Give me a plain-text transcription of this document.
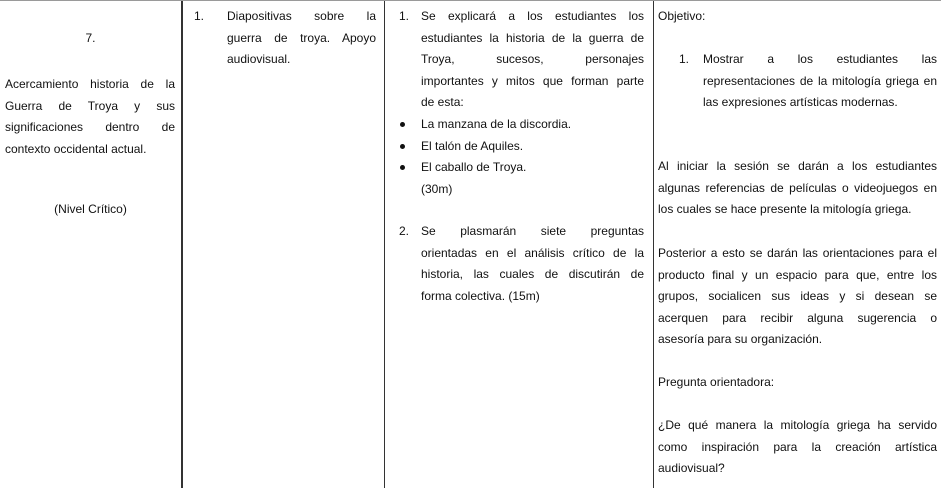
7.
Acercamiento historia de la
Guerra de Troya y sus
significaciones dentro de
contexto occidental actual.
(Nivel Crítico)
1. Diapositivas sobre la
guerra de troya. Apoyo
audiovisual.
1. Se explicará a los estudiantes los
estudiantes la historia de la guerra de
Troya, sucesos, personajes
importantes y mitos que forman parte
de esta:
La manzana de la discordia.
El talón de Aquiles.
El caballo de Troya.
(30m)
2. Se plasmarán siete preguntas
orientadas en el análisis crítico de la
historia, las cuales de discutirán de
forma colectiva. (15m)
Objetivo:
1. Mostrar a los estudiantes las
representaciones de la mitología griega en
las expresiones artísticas modernas.
Al iniciar la sesión se darán a los estudiantes
algunas referencias de películas o videojuegos en
los cuales se hace presente la mitología griega.
Posterior a esto se darán las orientaciones para el
producto final y un espacio para que, entre los
grupos, socialicen sus ideas y si desean se
acerquen para recibir alguna sugerencia o
asesoría para su organización.
Pregunta orientadora:
¿De qué manera la mitología griega ha servido
como inspiración para la creación artística
audiovisual?
